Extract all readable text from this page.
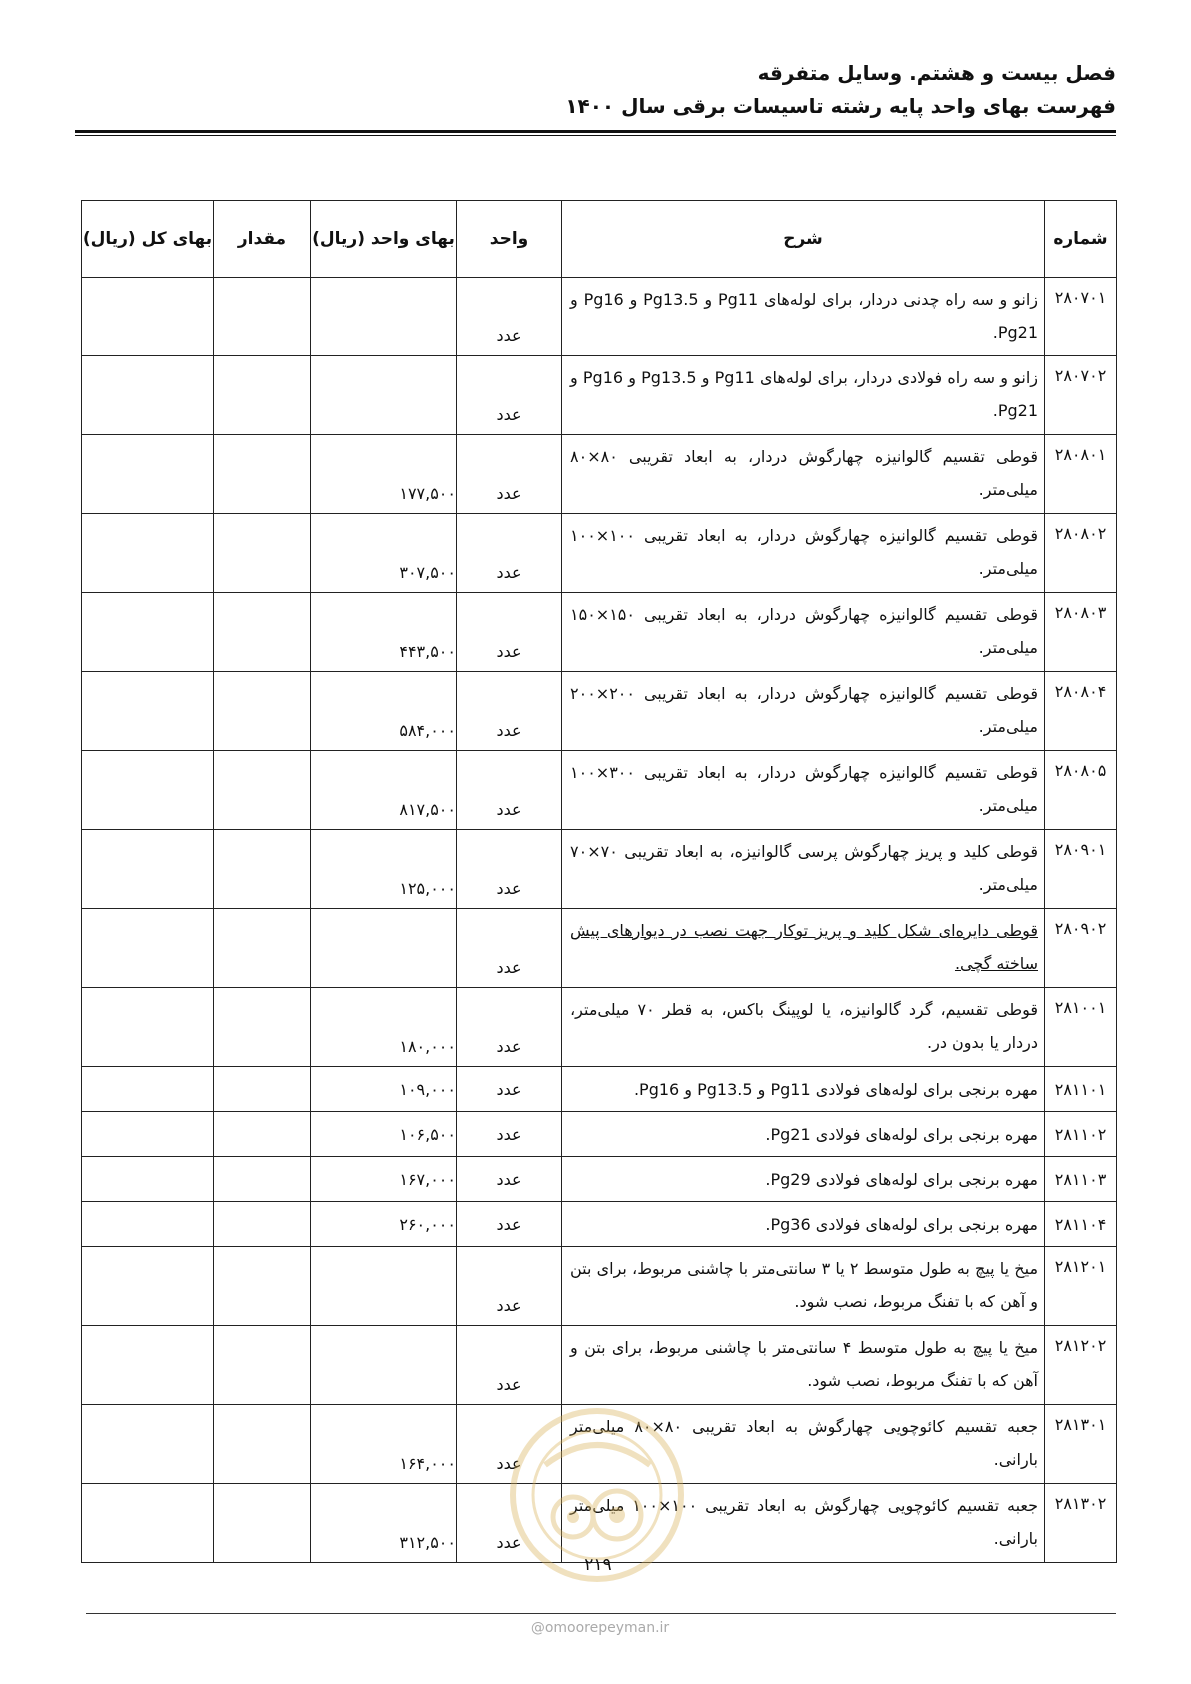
فصل بیست و هشتم. وسایل متفرقه
فهرست بهای واحد پایه رشته تاسیسات برقی سال ۱۴۰۰
شماره	شرح	واحد	بهای واحد (ریال)	مقدار	بهای کل (ریال)
۲۸۰۷۰۱	زانو و سه راه چدنی دردار، برای لوله‌های Pg11 و Pg13.5 و Pg16 و Pg21.	عدد			
۲۸۰۷۰۲	زانو و سه راه فولادی دردار، برای لوله‌های Pg11 و Pg13.5 و Pg16 و Pg21.	عدد			
۲۸۰۸۰۱	قوطی تقسیم گالوانیزه چهارگوش دردار، به ابعاد تقریبی ۸۰×۸۰ میلی‌متر.	عدد	۱۷۷,۵۰۰		
۲۸۰۸۰۲	قوطی تقسیم گالوانیزه چهارگوش دردار، به ابعاد تقریبی ۱۰۰×۱۰۰ میلی‌متر.	عدد	۳۰۷,۵۰۰		
۲۸۰۸۰۳	قوطی تقسیم گالوانیزه چهارگوش دردار، به ابعاد تقریبی ۱۵۰×۱۵۰ میلی‌متر.	عدد	۴۴۳,۵۰۰		
۲۸۰۸۰۴	قوطی تقسیم گالوانیزه چهارگوش دردار، به ابعاد تقریبی ۲۰۰×۲۰۰ میلی‌متر.	عدد	۵۸۴,۰۰۰		
۲۸۰۸۰۵	قوطی تقسیم گالوانیزه چهارگوش دردار، به ابعاد تقریبی ۳۰۰×۱۰۰ میلی‌متر.	عدد	۸۱۷,۵۰۰		
۲۸۰۹۰۱	قوطی کلید و پریز چهارگوش پرسی گالوانیزه، به ابعاد تقریبی ۷۰×۷۰ میلی‌متر.	عدد	۱۲۵,۰۰۰		
۲۸۰۹۰۲	قوطی دایره‌ای شکل کلید و پریز توکار جهت نصب در دیوارهای پیش ساخته گچی.	عدد			
۲۸۱۰۰۱	قوطی تقسیم، گرد گالوانیزه، یا لوپینگ باکس، به قطر ۷۰ میلی‌متر، دردار یا بدون در.	عدد	۱۸۰,۰۰۰		
۲۸۱۱۰۱	مهره برنجی برای لوله‌های فولادی Pg11 و Pg13.5 و Pg16.	عدد	۱۰۹,۰۰۰		
۲۸۱۱۰۲	مهره برنجی برای لوله‌های فولادی Pg21.	عدد	۱۰۶,۵۰۰		
۲۸۱۱۰۳	مهره برنجی برای لوله‌های فولادی Pg29.	عدد	۱۶۷,۰۰۰		
۲۸۱۱۰۴	مهره برنجی برای لوله‌های فولادی Pg36.	عدد	۲۶۰,۰۰۰		
۲۸۱۲۰۱	میخ یا پیچ به طول متوسط ۲ یا ۳ سانتی‌متر با چاشنی مربوط، برای بتن و آهن که با تفنگ مربوط، نصب شود.	عدد			
۲۸۱۲۰۲	میخ یا پیچ به طول متوسط ۴ سانتی‌متر با چاشنی مربوط، برای بتن و آهن که با تفنگ مربوط، نصب شود.	عدد			
۲۸۱۳۰۱	جعبه تقسیم کائوچویی چهارگوش به ابعاد تقریبی ۸۰×۸۰ میلی‌متر بارانی.	عدد	۱۶۴,۰۰۰		
۲۸۱۳۰۲	جعبه تقسیم کائوچویی چهارگوش به ابعاد تقریبی ۱۰۰×۱۰۰ میلی‌متر بارانی.	عدد	۳۱۲,۵۰۰		
۲۱۹
@omoorepeyman.ir
